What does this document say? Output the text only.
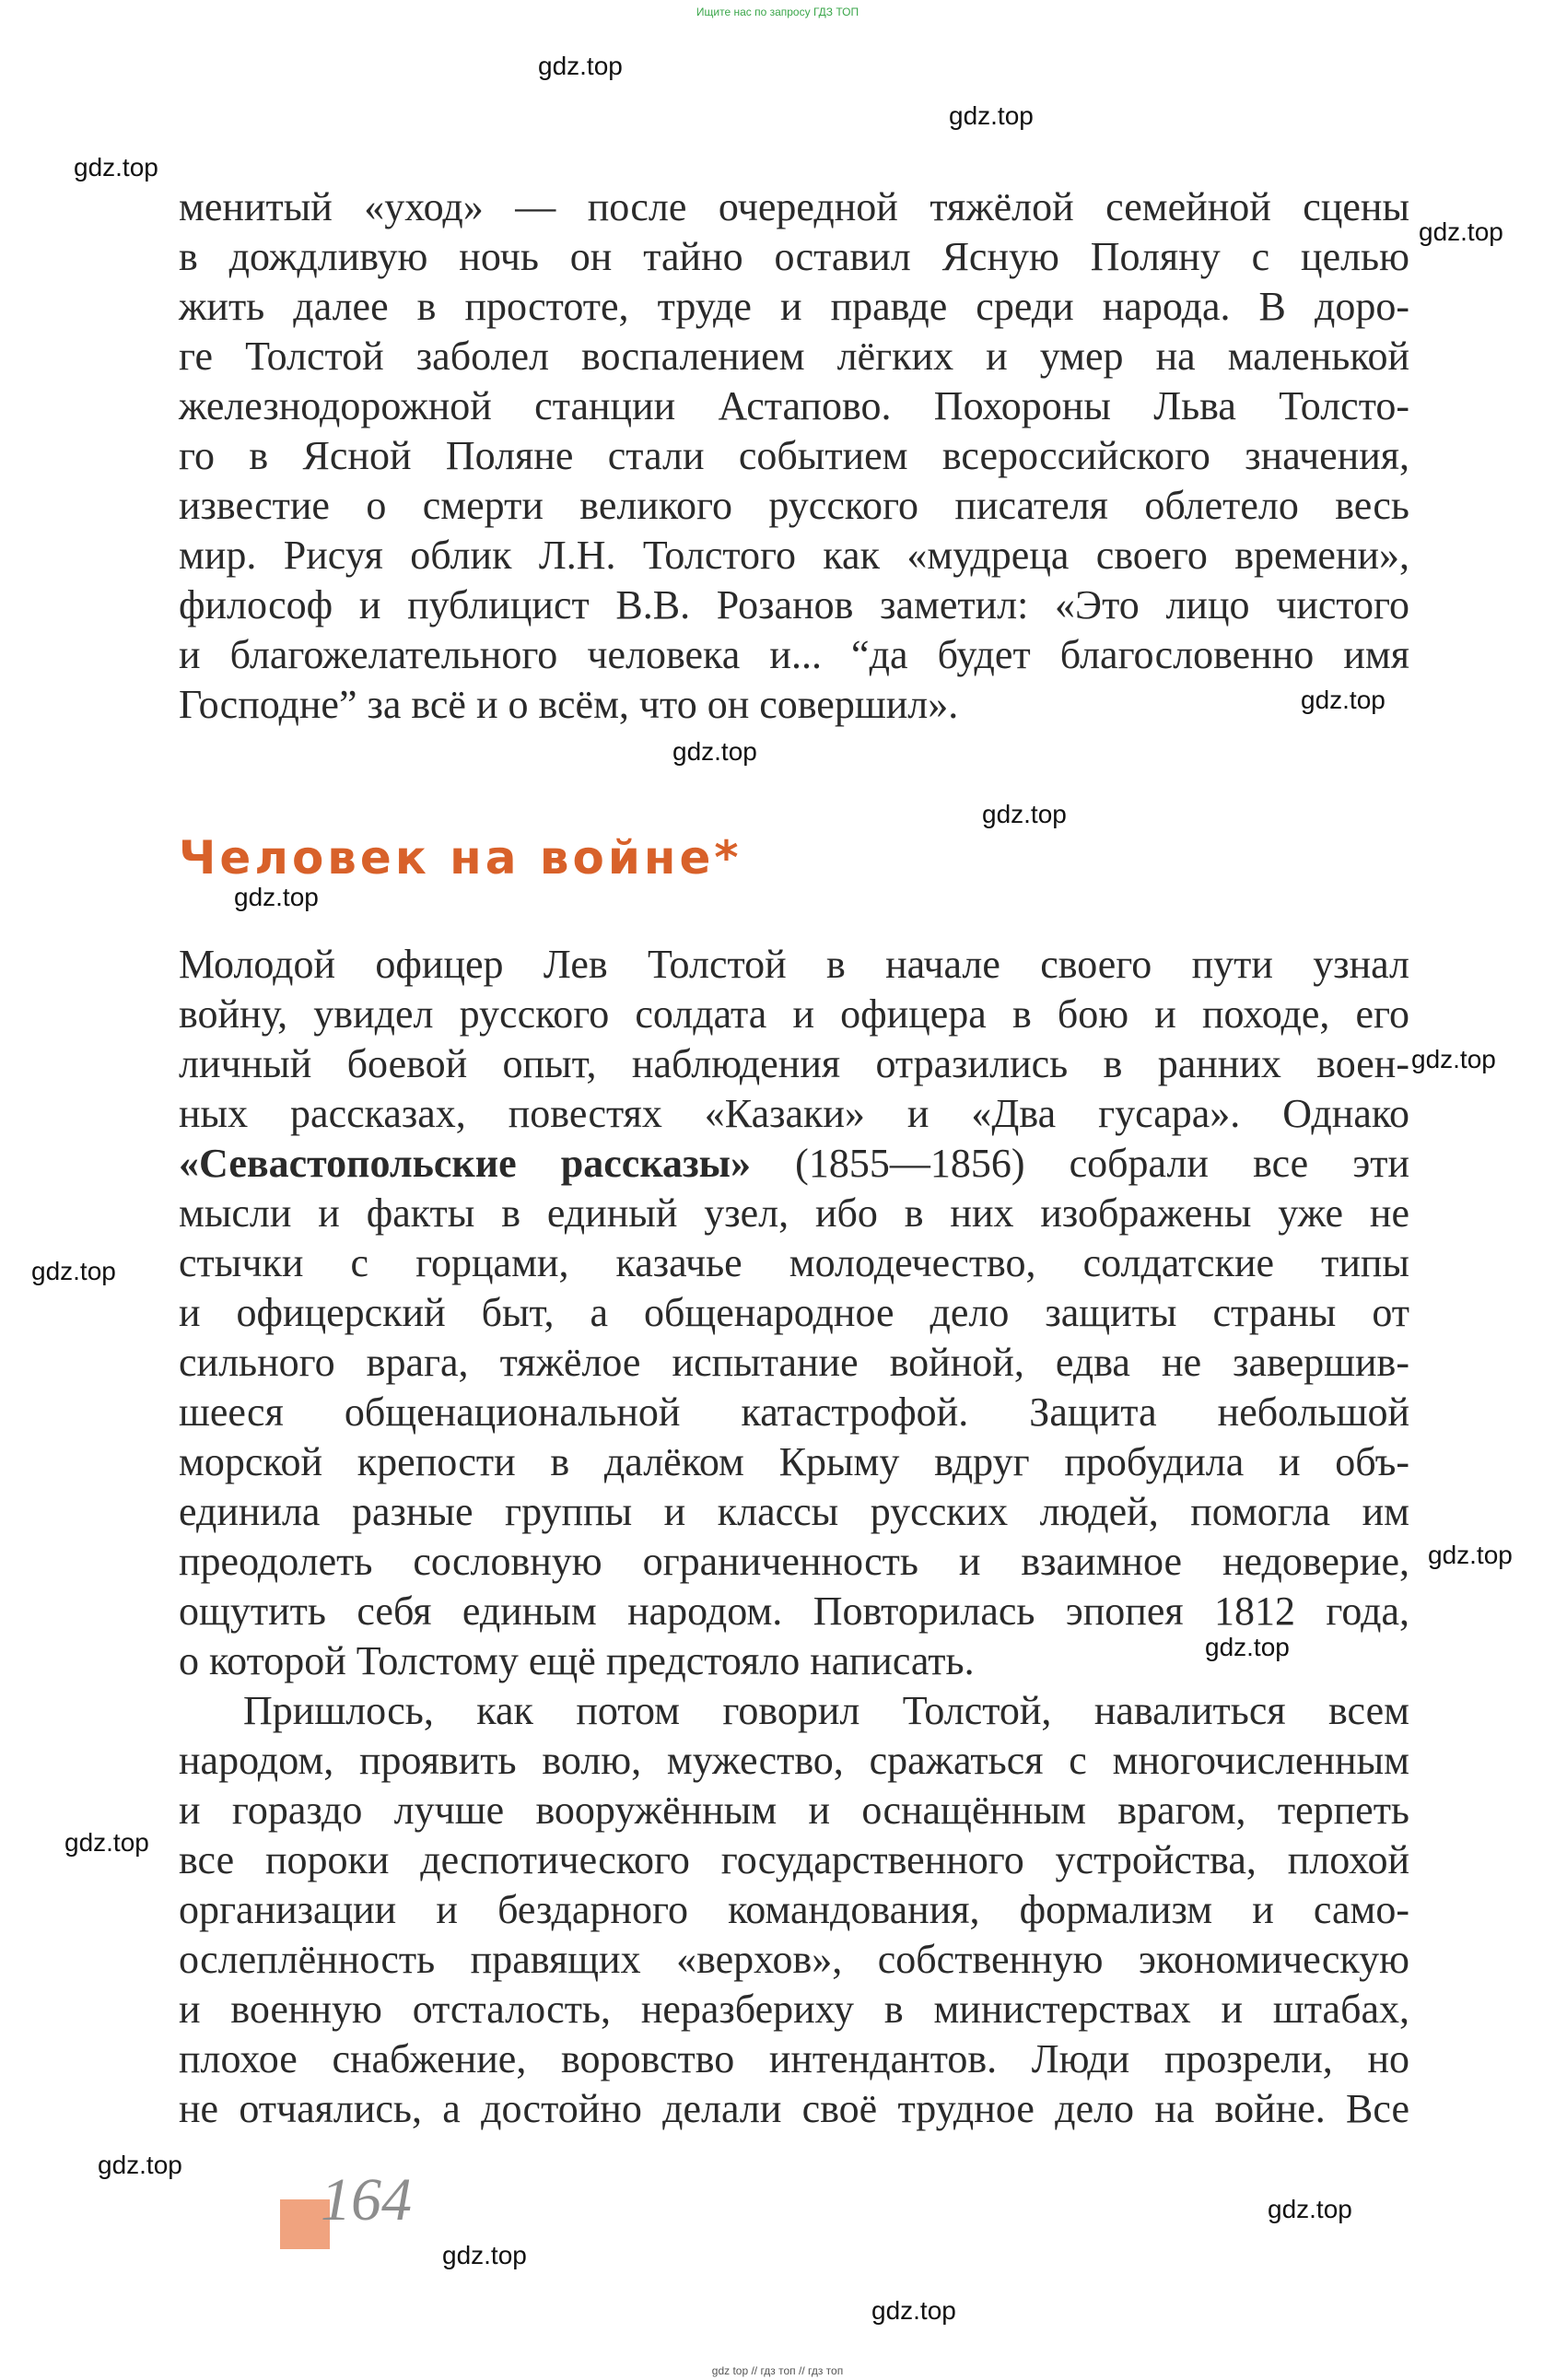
Ищите нас по запросу ГДЗ ТОП
gdz.top
gdz.top
gdz.top
gdz.top
gdz.top
gdz.top
gdz.top
gdz.top
gdz.top
gdz.top
gdz.top
gdz.top
gdz.top
gdz.top
gdz.top
gdz.top
gdz.top
менитый «уход» — после очередной тяжёлой семейной сцены
в дождливую ночь он тайно оставил Ясную Поляну с целью
жить далее в простоте, труде и правде среди народа. В доро-
ге Толстой заболел воспалением лёгких и умер на маленькой
железнодорожной станции Астапово. Похороны Льва Толсто-
го в Ясной Поляне стали событием всероссийского значения,
известие о смерти великого русского писателя облетело весь
мир. Рисуя облик Л.Н. Толстого как «мудреца своего времени»,
философ и публицист В.В. Розанов заметил: «Это лицо чистого
и благожелательного человека и... “да будет благословенно имя
Господне” за всё и о всём, что он совершил».
Человек на войне*
Молодой офицер Лев Толстой в начале своего пути узнал
войну, увидел русского солдата и офицера в бою и походе, его
личный боевой опыт, наблюдения отразились в ранних воен-
ных рассказах, повестях «Казаки» и «Два гусара». Однако
«Севастопольские рассказы» (1855—1856) собрали все эти
мысли и факты в единый узел, ибо в них изображены уже не
стычки с горцами, казачье молодечество, солдатские типы
и офицерский быт, а общенародное дело защиты страны от
сильного врага, тяжёлое испытание войной, едва не завершив-
шееся общенациональной катастрофой. Защита небольшой
морской крепости в далёком Крыму вдруг пробудила и объ-
единила разные группы и классы русских людей, помогла им
преодолеть сословную ограниченность и взаимное недоверие,
ощутить себя единым народом. Повторилась эпопея 1812 года,
о которой Толстому ещё предстояло написать.
Пришлось, как потом говорил Толстой, навалиться всем
народом, проявить волю, мужество, сражаться с многочисленным
и гораздо лучше вооружённым и оснащённым врагом, терпеть
все пороки деспотического государственного устройства, плохой
организации и бездарного командования, формализм и само-
ослеплённость правящих «верхов», собственную экономическую
и военную отсталость, неразбериху в министерствах и штабах,
плохое снабжение, воровство интендантов. Люди прозрели, но
не отчаялись, а достойно делали своё трудное дело на войне. Все
164
gdz top // гдз топ // гдз топ
